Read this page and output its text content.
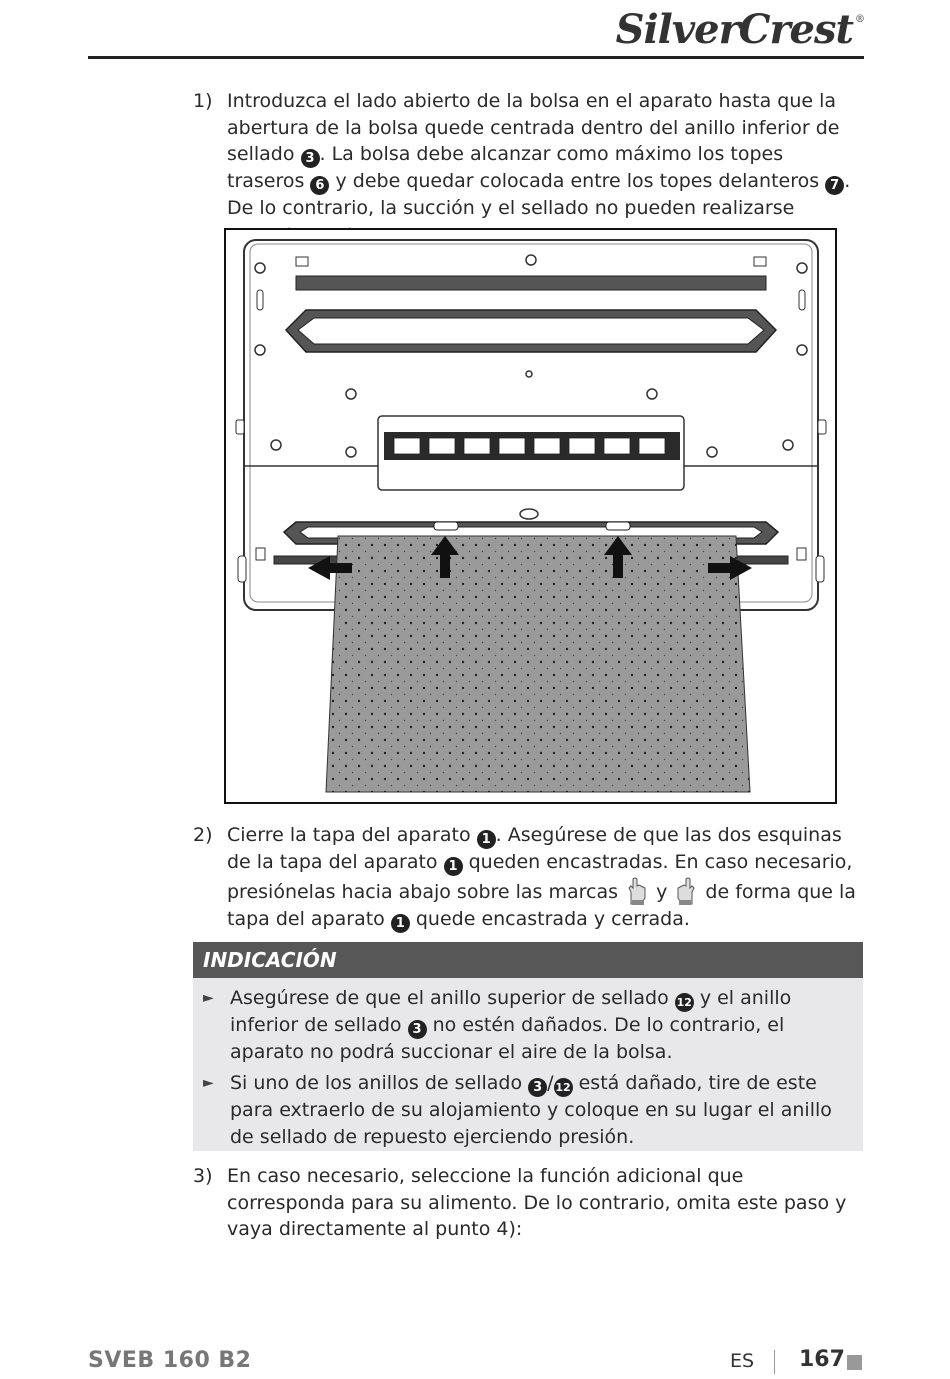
SilverCrest ®
1) Introduzca el lado abierto de la bolsa en el aparato hasta que la abertura de la bolsa quede centrada dentro del anillo inferior de sellado 3 . La bolsa debe alcanzar como máximo los topes traseros 6 y debe quedar colocada entre los topes delanteros 7 . De lo contrario, la succión y el sellado no pueden realizarse
2) Cierre la tapa del aparato 1 . Asegúrese de que las dos esquinas de la tapa del aparato 1 queden encastradas. En caso necesario, presiónelas hacia abajo sobre las marcas  y  de forma que la tapa del aparato 1 quede encastrada y cerrada.
INDICACIÓN
► Asegúrese de que el anillo superior de sellado 12 y el anillo inferior de sellado 3 no estén dañados. De lo contrario, el aparato no podrá succionar el aire de la bolsa.
► Si uno de los anillos de sellado 3 / 12 está dañado, tire de este para extraerlo de su alojamiento y coloque en su lugar el anillo de sellado de repuesto ejerciendo presión.
3) En caso necesario, seleccione la función adicional que corresponda para su alimento. De lo contrario, omita este paso y vaya directamente al punto 4):
SVEB 160 B2	ES 167
